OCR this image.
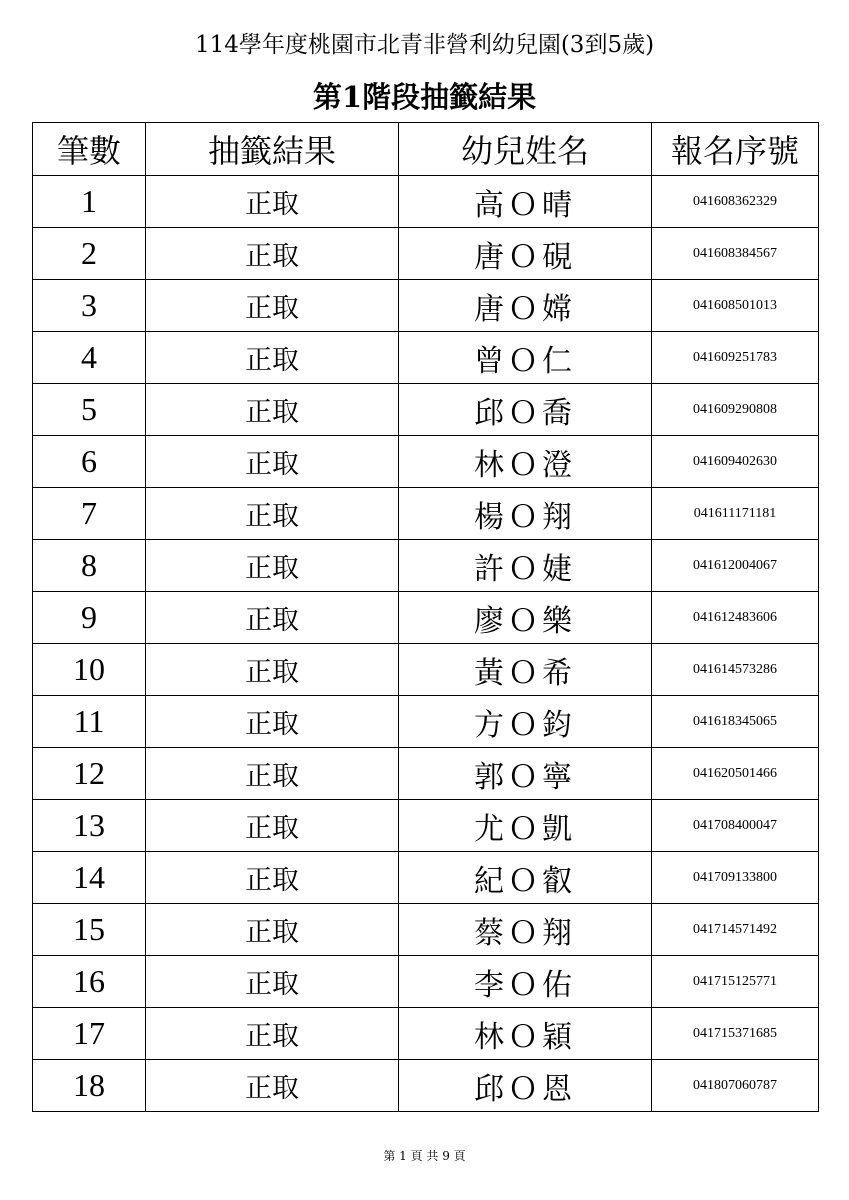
114學年度桃園市北青非營利幼兒園(3到5歲)
第1階段抽籤結果
筆數	抽籤結果	幼兒姓名	報名序號
1	正取	高Ｏ晴	041608362329
2	正取	唐Ｏ硯	041608384567
3	正取	唐Ｏ嫦	041608501013
4	正取	曾Ｏ仁	041609251783
5	正取	邱Ｏ喬	041609290808
6	正取	林Ｏ澄	041609402630
7	正取	楊Ｏ翔	041611171181
8	正取	許Ｏ婕	041612004067
9	正取	廖Ｏ樂	041612483606
10	正取	黃Ｏ希	041614573286
11	正取	方Ｏ鈞	041618345065
12	正取	郭Ｏ寧	041620501466
13	正取	尤Ｏ凱	041708400047
14	正取	紀Ｏ叡	041709133800
15	正取	蔡Ｏ翔	041714571492
16	正取	李Ｏ佑	041715125771
17	正取	林Ｏ穎	041715371685
18	正取	邱Ｏ恩	041807060787
第 1 頁 共 9 頁
